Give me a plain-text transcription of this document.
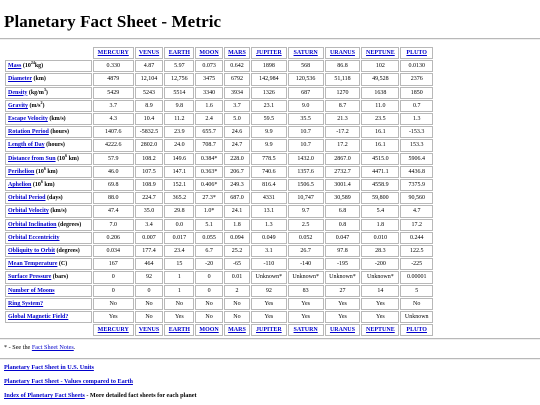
Planetary Fact Sheet - Metric
	MERCURY	VENUS	EARTH	MOON	MARS	JUPITER	SATURN	URANUS	NEPTUNE	PLUTO
Mass $(10^{24}kg)$	0.330	4.87	5.97	0.073	0.642	1898	568	86.8	102	0.0130
Diameter (km)	4879	12,104	12,756	3475	6792	142,984	120,536	51,118	49,528	2376
Density $(kg/m^3)$	5429	5243	5514	3340	3934	1326	687	1270	1638	1850
Gravity $(m/s^2)$	3.7	8.9	9.8	1.6	3.7	23.1	9.0	8.7	11.0	0.7
Escape Velocity (km/s)	4.3	10.4	11.2	2.4	5.0	59.5	35.5	21.3	23.5	1.3
Rotation Period (hours)	1407.6	-5832.5	23.9	655.7	24.6	9.9	10.7	-17.2	16.1	-153.3
Length of Day (hours)	4222.6	2802.0	24.0	708.7	24.7	9.9	10.7	17.2	16.1	153.3
Distance from Sun ($10^6$ km)	57.9	108.2	149.6	0.384*	228.0	778.5	1432.0	2867.0	4515.0	5906.4
Perihelion ($10^6$ km)	46.0	107.5	147.1	0.363*	206.7	740.6	1357.6	2732.7	4471.1	4436.8
Aphelion ($10^6$ km)	69.8	108.9	152.1	0.406*	249.3	816.4	1506.5	3001.4	4558.9	7375.9
Orbital Period (days)	88.0	224.7	365.2	27.3*	687.0	4331	10,747	30,589	59,800	90,560
Orbital Velocity (km/s)	47.4	35.0	29.8	1.0*	24.1	13.1	9.7	6.8	5.4	4.7
Orbital Inclination (degrees)	7.0	3.4	0.0	5.1	1.8	1.3	2.5	0.8	1.8	17.2
Orbital Eccentricity	0.206	0.007	0.017	0.055	0.094	0.049	0.052	0.047	0.010	0.244
Obliquity to Orbit (degrees)	0.034	177.4	23.4	6.7	25.2	3.1	26.7	97.8	28.3	122.5
Mean Temperature (C)	167	464	15	-20	-65	-110	-140	-195	-200	-225
Surface Pressure (bars)	0	92	1	0	0.01	Unknown*	Unknown*	Unknown*	Unknown*	0.00001
Number of Moons	0	0	1	0	2	92	83	27	14	5
Ring System?	No	No	No	No	No	Yes	Yes	Yes	Yes	No
Global Magnetic Field?	Yes	No	Yes	No	No	Yes	Yes	Yes	Yes	Unknown
	MERCURY	VENUS	EARTH	MOON	MARS	JUPITER	SATURN	URANUS	NEPTUNE	PLUTO
* - See the Fact Sheet Notes.
Planetary Fact Sheet in U.S. Units
Planetary Fact Sheet - Values compared to Earth
Index of Planetary Fact Sheets - More detailed fact sheets for each planet
